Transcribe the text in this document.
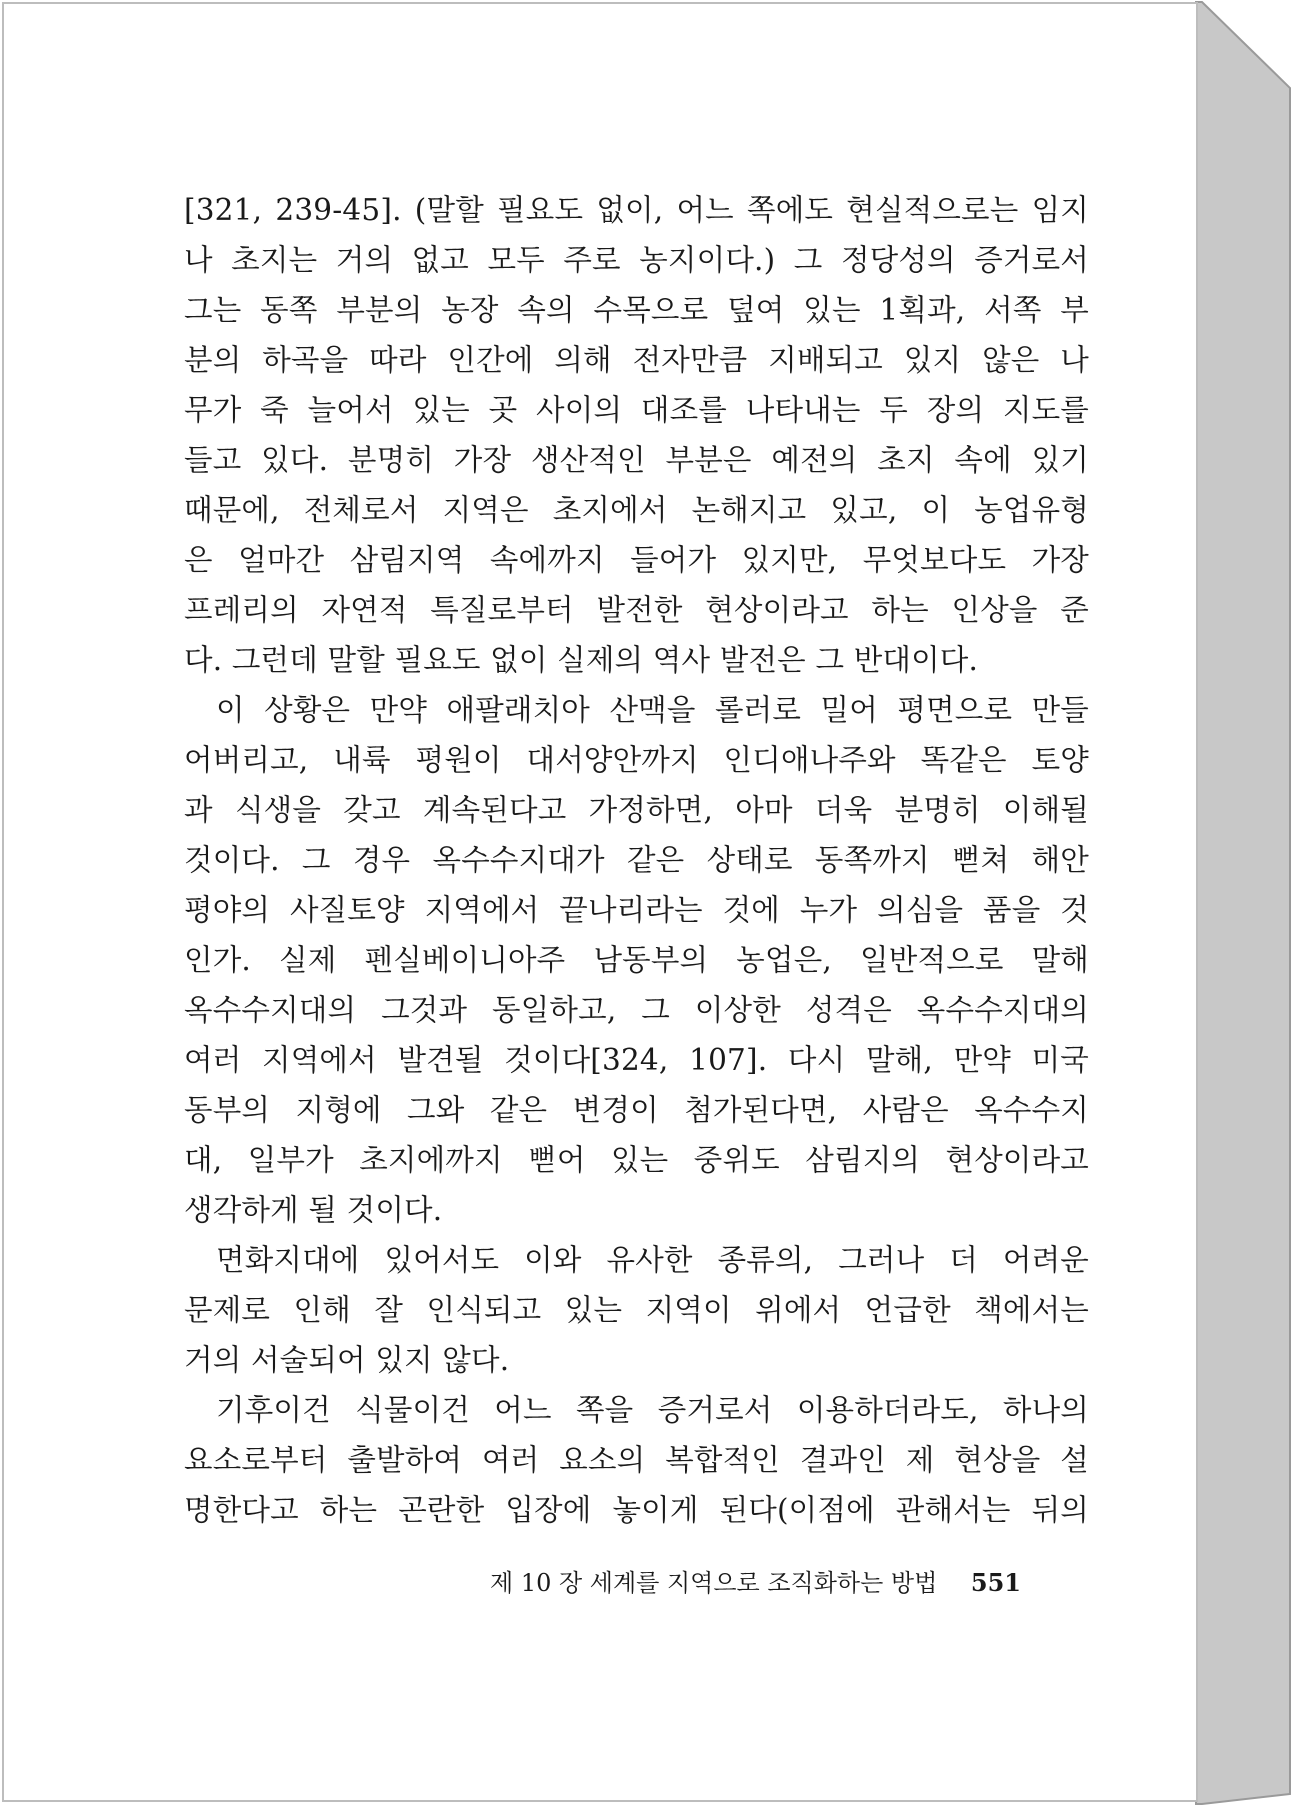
[321, 239-45]. (말할 필요도 없이, 어느 쪽에도 현실적으로는 임지
나 초지는 거의 없고 모두 주로 농지이다.) 그 정당성의 증거로서
그는 동쪽 부분의 농장 속의 수목으로 덮여 있는 1획과, 서쪽 부
분의 하곡을 따라 인간에 의해 전자만큼 지배되고 있지 않은 나
무가 죽 늘어서 있는 곳 사이의 대조를 나타내는 두 장의 지도를
들고 있다. 분명히 가장 생산적인 부분은 예전의 초지 속에 있기
때문에, 전체로서 지역은 초지에서 논해지고 있고, 이 농업유형
은 얼마간 삼림지역 속에까지 들어가 있지만, 무엇보다도 가장
프레리의 자연적 특질로부터 발전한 현상이라고 하는 인상을 준
다. 그런데 말할 필요도 없이 실제의 역사 발전은 그 반대이다.
이 상황은 만약 애팔래치아 산맥을 롤러로 밀어 평면으로 만들
어버리고, 내륙 평원이 대서양안까지 인디애나주와 똑같은 토양
과 식생을 갖고 계속된다고 가정하면, 아마 더욱 분명히 이해될
것이다. 그 경우 옥수수지대가 같은 상태로 동쪽까지 뻗쳐 해안
평야의 사질토양 지역에서 끝나리라는 것에 누가 의심을 품을 것
인가. 실제 펜실베이니아주 남동부의 농업은, 일반적으로 말해
옥수수지대의 그것과 동일하고, 그 이상한 성격은 옥수수지대의
여러 지역에서 발견될 것이다[324, 107]. 다시 말해, 만약 미국
동부의 지형에 그와 같은 변경이 첨가된다면, 사람은 옥수수지
대, 일부가 초지에까지 뻗어 있는 중위도 삼림지의 현상이라고
생각하게 될 것이다.
면화지대에 있어서도 이와 유사한 종류의, 그러나 더 어려운
문제로 인해 잘 인식되고 있는 지역이 위에서 언급한 책에서는
거의 서술되어 있지 않다.
기후이건 식물이건 어느 쪽을 증거로서 이용하더라도, 하나의
요소로부터 출발하여 여러 요소의 복합적인 결과인 제 현상을 설
명한다고 하는 곤란한 입장에 놓이게 된다(이점에 관해서는 뒤의
제 10 장 세계를 지역으로 조직화하는 방법 551
